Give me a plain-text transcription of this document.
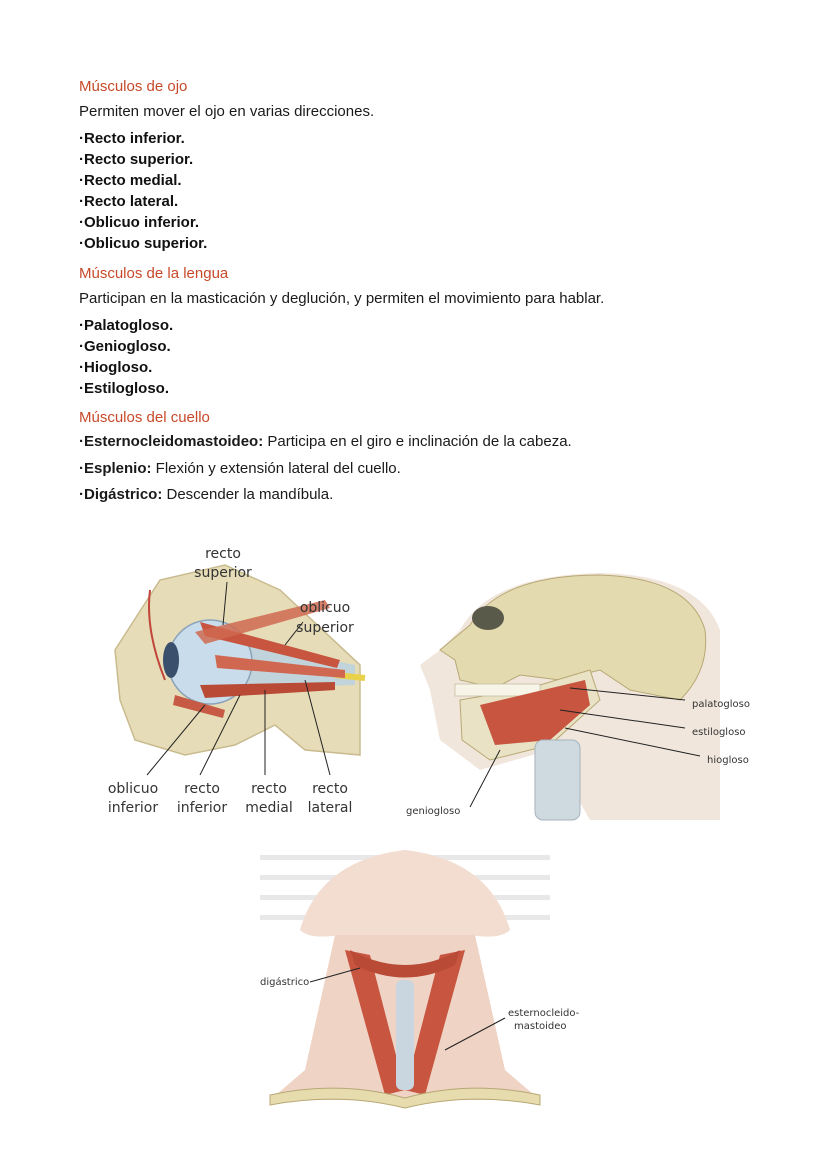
Músculos de ojo
Permiten mover el ojo en varias direcciones.
·Recto inferior.
·Recto superior.
·Recto medial.
·Recto lateral.
·Oblicuo inferior.
·Oblicuo superior.
Músculos de la lengua
Participan en la masticación y deglución, y permiten el movimiento para hablar.
·Palatogloso.
·Geniogloso.
·Hiogloso.
·Estilogloso.
Músculos del cuello
·Esternocleidomastoideo: Participa en el giro e inclinación de la cabeza.
·Esplenio: Flexión y extensión lateral del cuello.
·Digástrico: Descender la mandíbula.
recto
superior
oblicuo
superior
oblicuo
inferior
recto
inferior
recto
medial
recto
lateral
palatogloso
estilogloso
hiogloso
geniogloso
digástrico
esternocleido-
mastoideo
